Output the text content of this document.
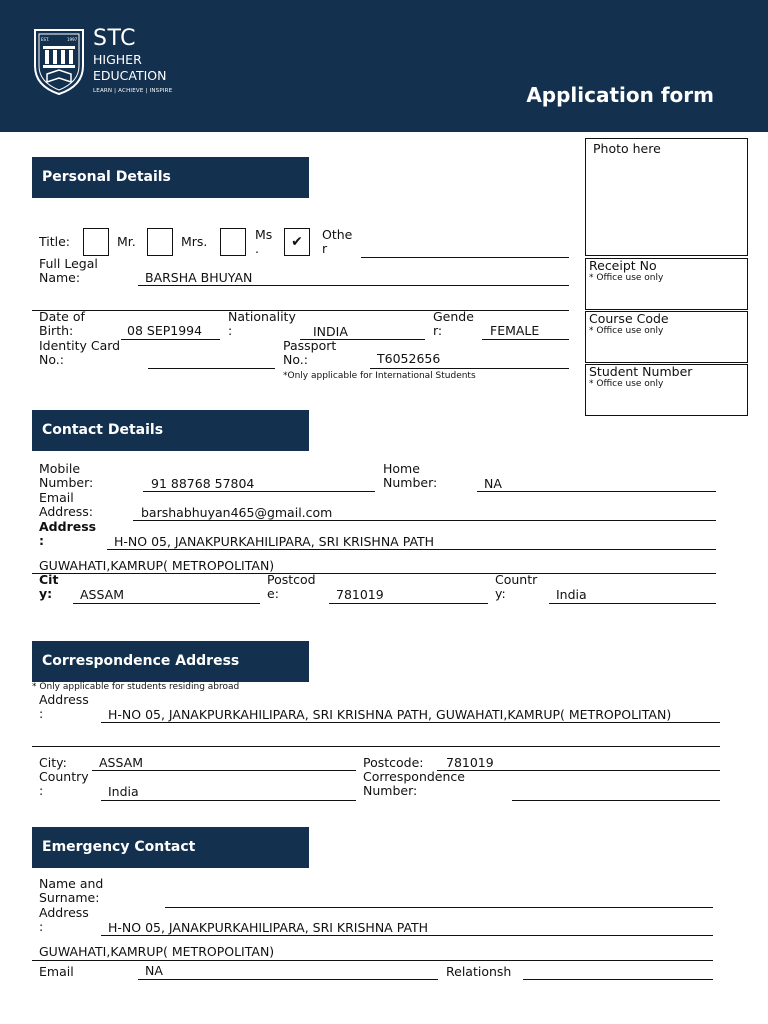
EST.	1997 STC
HIGHER
EDUCATION
LEARN | ACHIEVE | INSPIRE	Application form
Photo here
Receipt No
* Office use only
Course Code
* Office use only
Student Number
* Office use only
Personal Details
Title:	Mr.	Mrs.	Ms
.	✔	Othe
r
Full Legal
Name:	BARSHA BHUYAN
Date of
Birth:	08 SEP1994
Nationality
:	INDIA
Gende
r:	FEMALE
Identity Card
No.:
Passport
No.:	T6052656
*Only applicable for International Students
Contact Details
Mobile
Number:	91 88768 57804
Home
Number:	NA
Email
Address:	barshabhuyan465@gmail.com
Address
:	H-NO 05, JANAKPURKAHILIPARA, SRI KRISHNA PATH
GUWAHATI,KAMRUP( METROPOLITAN)
Cit
y: ASSAM
Postcod
e:	781019
Countr
y:	India
Correspondence Address
* Only applicable for students residing abroad
Address
:	H-NO 05, JANAKPURKAHILIPARA, SRI KRISHNA PATH, GUWAHATI,KAMRUP( METROPOLITAN)
City:	ASSAM	Postcode: 781019
Country
:	India
Correspondence
Number:
Emergency Contact
Name and
Surname:
Address
:	H-NO 05, JANAKPURKAHILIPARA, SRI KRISHNA PATH
GUWAHATI,KAMRUP( METROPOLITAN)
Email	NA	Relationsh
